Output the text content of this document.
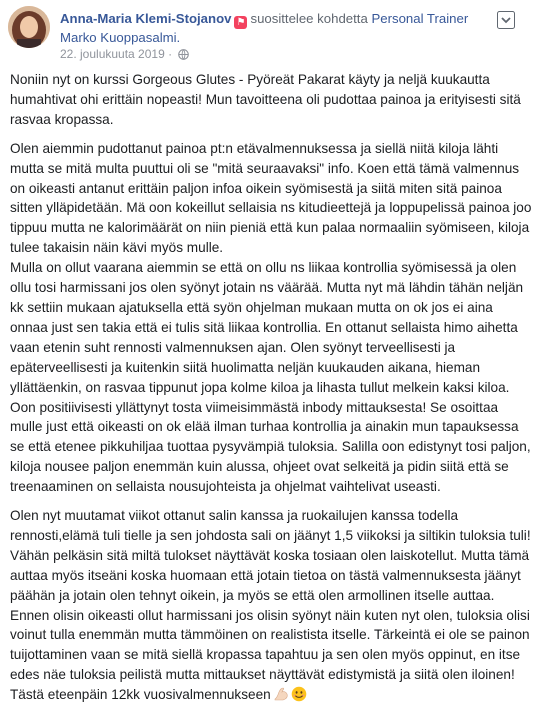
Anna-Maria Klemi-Stojanov ⚑ suosittelee kohdetta Personal Trainer Marko Kuoppasalmi.
22. joulukuuta 2019 ·

Noniin nyt on kurssi Gorgeous Glutes - Pyöreät Pakarat käyty ja neljä kuukautta humahtivat ohi erittäin nopeasti! Mun tavoitteena oli pudottaa painoa ja erityisesti sitä rasvaa kropassa.

Olen aiemmin pudottanut painoa pt:n etävalmennuksessa ja siellä niitä kiloja lähti mutta se mitä multa puuttui oli se "mitä seuraavaksi" info. Koen että tämä valmennus on oikeasti antanut erittäin paljon infoa oikein syömisestä ja siitä miten sitä painoa sitten ylläpidetään. Mä oon kokeillut sellaisia ns kitudieettejä ja loppupelissä painoa joo tippuu mutta ne kalorimäärät on niin pieniä että kun palaa normaaliin syömiseen, kiloja tulee takaisin näin kävi myös mulle.
Mulla on ollut vaarana aiemmin se että on ollu ns liikaa kontrollia syömisessä ja olen ollu tosi harmissani jos olen syönyt jotain ns väärää. Mutta nyt mä lähdin tähän neljän kk settiin mukaan ajatuksella että syön ohjelman mukaan mutta on ok jos ei aina onnaa just sen takia että ei tulis sitä liikaa kontrollia. En ottanut sellaista himo aihetta vaan etenin suht rennosti valmennuksen ajan. Olen syönyt terveellisesti ja epäterveellisesti ja kuitenkin siitä huolimatta neljän kuukauden aikana, hieman yllättäenkin, on rasvaa tippunut jopa kolme kiloa ja lihasta tullut melkein kaksi kiloa. Oon positiivisesti yllättynyt tosta viimeisimmästä inbody mittauksesta! Se osoittaa mulle just että oikeasti on ok elää ilman turhaa kontrollia ja ainakin mun tapauksessa se että etenee pikkuhiljaa tuottaa pysyvämpiä tuloksia. Salilla oon edistynyt tosi paljon, kiloja nousee paljon enemmän kuin alussa, ohjeet ovat selkeitä ja pidin siitä että se treenaaminen on sellaista nousujohteista ja ohjelmat vaihtelivat useasti.

Olen nyt muutamat viikot ottanut salin kanssa ja ruokailujen kanssa todella rennosti,elämä tuli tielle ja sen johdosta sali on jäänyt 1,5 viikoksi ja siltikin tuloksia tuli! Vähän pelkäsin sitä miltä tulokset näyttävät koska tosiaan olen laiskotellut. Mutta tämä auttaa myös itseäni koska huomaan että jotain tietoa on tästä valmennuksesta jäänyt päähän ja jotain olen tehnyt oikein, ja myös se että olen armollinen itselle auttaa. Ennen olisin oikeasti ollut harmissani jos olisin syönyt näin kuten nyt olen, tuloksia olisi voinut tulla enemmän mutta tämmöinen on realistista itselle. Tärkeintä ei ole se painon tuijottaminen vaan se mitä siellä kropassa tapahtuu ja sen olen myös oppinut, en itse edes näe tuloksia peilistä mutta mittaukset näyttävät edistymistä ja siitä olen iloinen! Tästä eteenpäin 12kk vuosivalmennukseen
